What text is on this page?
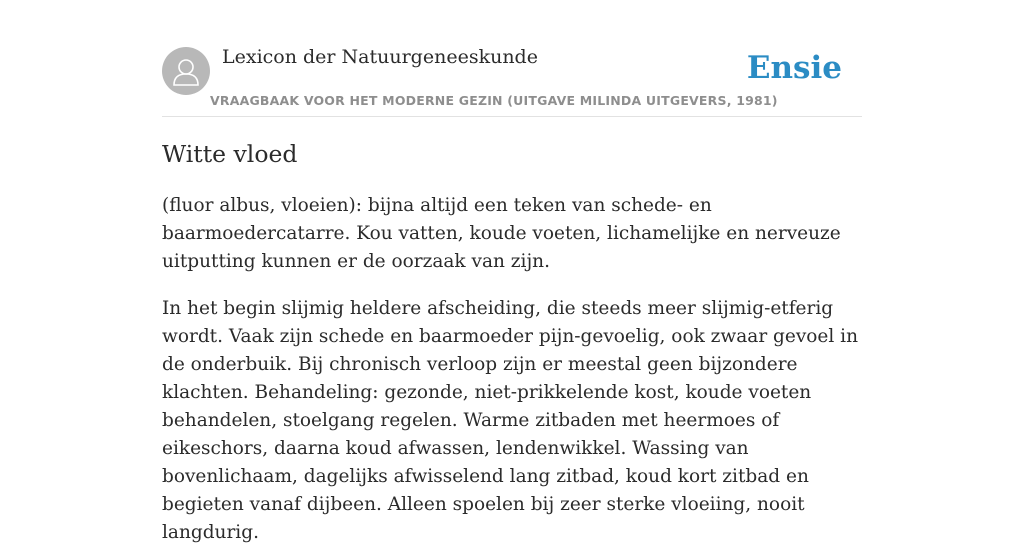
Lexicon der Natuurgeneeskunde
VRAAGBAAK VOOR HET MODERNE GEZIN (UITGAVE MILINDA UITGEVERS, 1981)
Ensie
Witte vloed

(fluor albus, vloeien): bijna altijd een teken van schede- en baarmoedercatarre. Kou vatten, koude voeten, lichamelijke en nerveuze uitputting kunnen er de oorzaak van zijn.

In het begin slijmig heldere afscheiding, die steeds meer slijmig-etferig wordt. Vaak zijn schede en baarmoeder pijn-gevoelig, ook zwaar gevoel in de onderbuik. Bij chronisch verloop zijn er meestal geen bijzondere klachten. Behandeling: gezonde, niet-prikkelende kost, koude voeten behandelen, stoelgang regelen. Warme zitbaden met heermoes of eikeschors, daarna koud afwassen, lendenwikkel. Wassing van bovenlichaam, dagelijks afwisselend lang zitbad, koud kort zitbad en begieten vanaf dijbeen. Alleen spoelen bij zeer sterke vloeiing, nooit langdurig.
